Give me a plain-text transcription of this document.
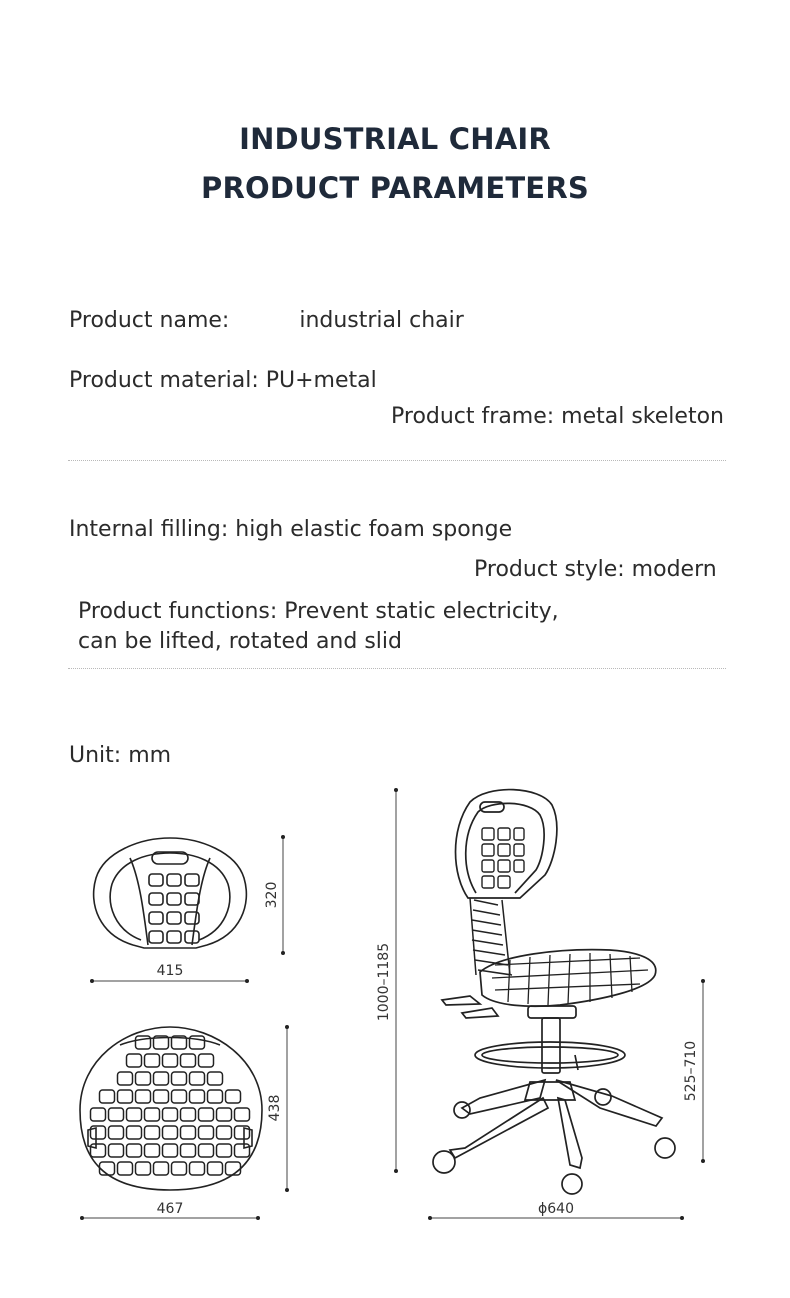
INDUSTRIAL CHAIR
PRODUCT PARAMETERS
Product name:	industrial chair
Product material: PU+metal
Product frame: metal skeleton
Internal filling: high elastic foam sponge
Product style: modern
Product functions: Prevent static electricity,
can be lifted, rotated and slid
Unit: mm
415
320
467
438
1000–1185
525–710
ϕ640
